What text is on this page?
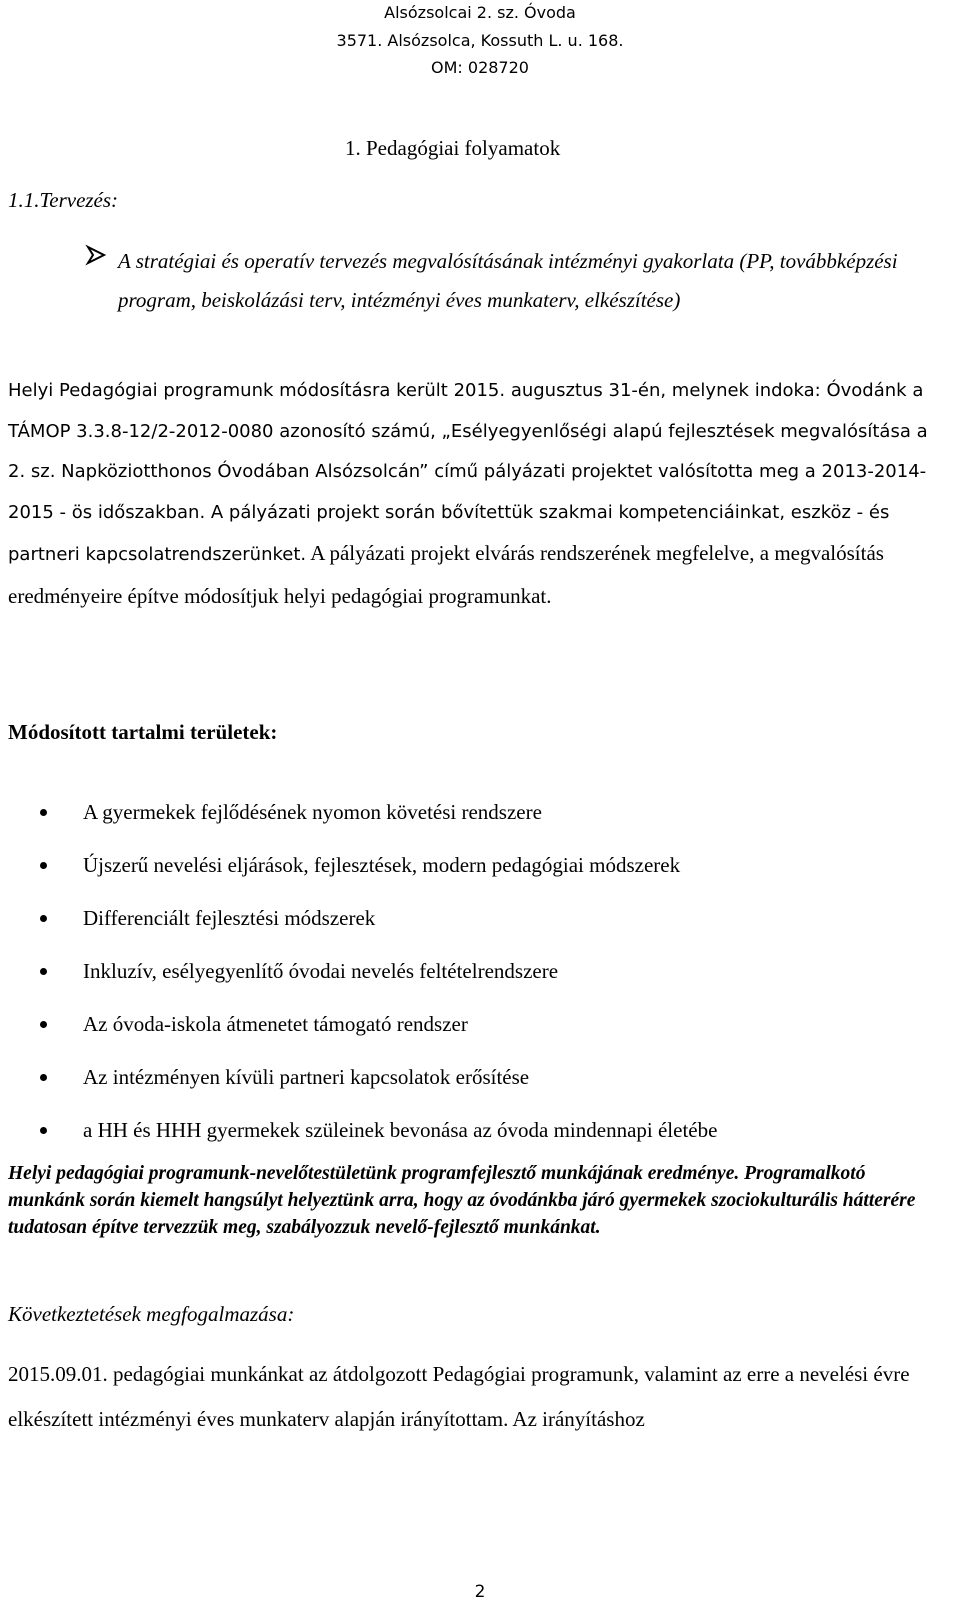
Alsózsolcai 2. sz. Óvoda
3571. Alsózsolca, Kossuth L. u. 168.
OM: 028720
1. Pedagógiai folyamatok
1.1.Tervezés:
A stratégiai és operatív tervezés megvalósításának intézményi gyakorlata (PP, továbbképzési program, beiskolázási terv, intézményi éves munkaterv, elkészítése)

Helyi Pedagógiai programunk módosításra került 2015. augusztus 31-én, melynek indoka: Óvodánk a TÁMOP 3.3.8-12/2-2012-0080 azonosító számú, „Esélyegyenlőségi alapú fejlesztések megvalósítása a 2. sz. Napköziotthonos Óvodában Alsózsolcán” című pályázati projektet valósította meg a 2013-2014-2015 - ös időszakban. A pályázati projekt során bővítettük szakmai kompetenciáinkat, eszköz - és partneri kapcsolatrendszerünket. A pályázati projekt elvárás rendszerének megfelelve, a megvalósítás eredményeire építve módosítjuk helyi pedagógiai programunkat.

Módosított tartalmi területek:
A gyermekek fejlődésének nyomon követési rendszere
Újszerű nevelési eljárások, fejlesztések, modern pedagógiai módszerek
Differenciált fejlesztési módszerek
Inkluzív, esélyegyenlítő óvodai nevelés feltételrendszere
Az óvoda-iskola átmenetet támogató rendszer
Az intézményen kívüli partneri kapcsolatok erősítése
a HH és HHH gyermekek szüleinek bevonása az óvoda mindennapi életébe

Helyi pedagógiai programunk-nevelőtestületünk programfejlesztő munkájának eredménye. Programalkotó munkánk során kiemelt hangsúlyt helyeztünk arra, hogy az óvodánkba járó gyermekek szociokulturális hátterére tudatosan építve tervezzük meg, szabályozzuk nevelő-fejlesztő munkánkat.

Következtetések megfogalmazása:

2015.09.01. pedagógiai munkánkat az átdolgozott Pedagógiai programunk, valamint az erre a nevelési évre elkészített intézményi éves munkaterv alapján irányítottam. Az irányításhoz

2
